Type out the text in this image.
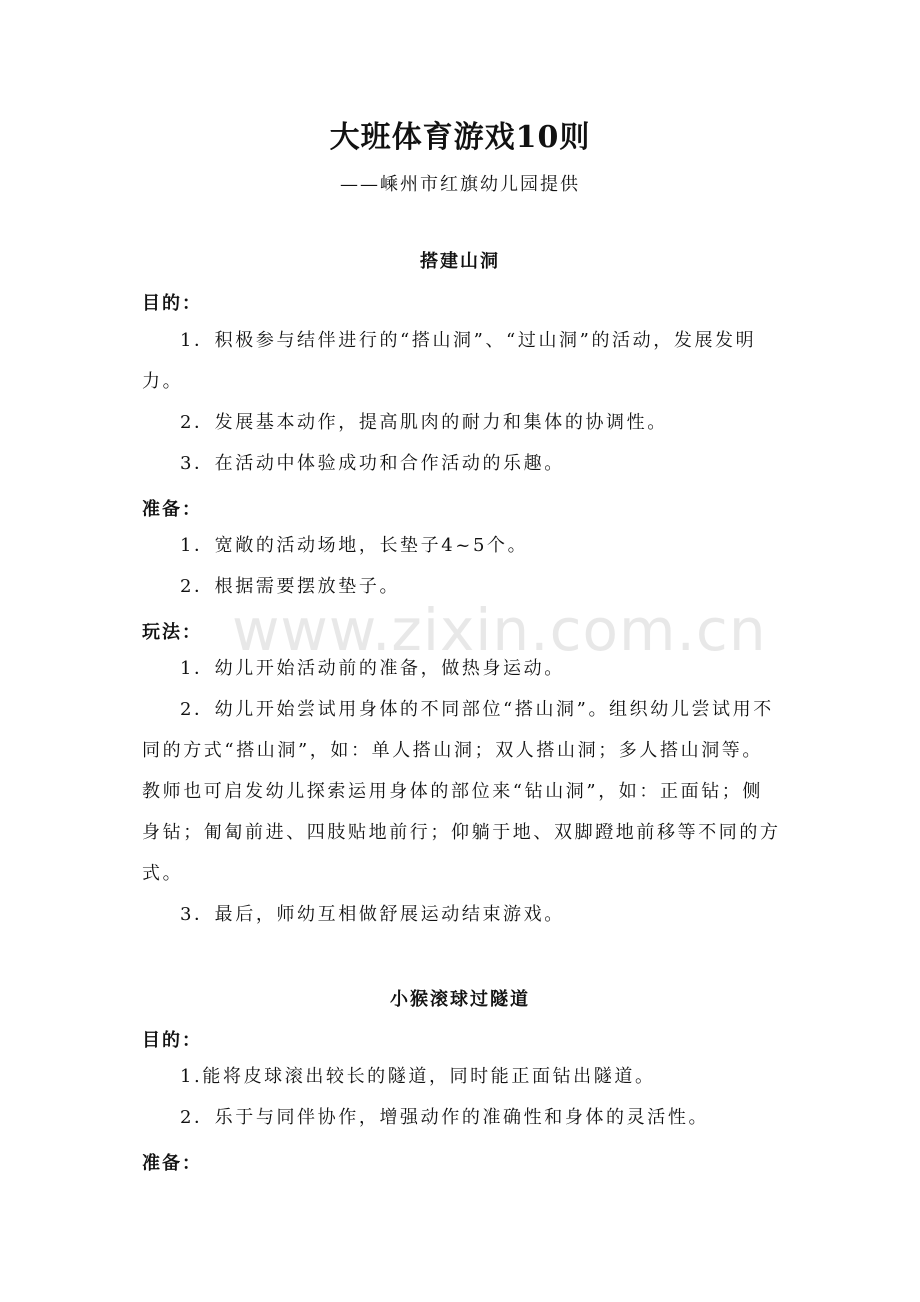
大班体育游戏10则
——嵊州市红旗幼儿园提供
搭建山洞
目的：
1．积极参与结伴进行的“搭山洞”、“过山洞”的活动，发展发明力。
2．发展基本动作，提高肌肉的耐力和集体的协调性。
3．在活动中体验成功和合作活动的乐趣。
准备：
1．宽敞的活动场地，长垫子4~5个。
2．根据需要摆放垫子。
玩法：
1．幼儿开始活动前的准备，做热身运动。
2．幼儿开始尝试用身体的不同部位“搭山洞”。组织幼儿尝试用不同的方式“搭山洞”，如：单人搭山洞；双人搭山洞；多人搭山洞等。教师也可启发幼儿探索运用身体的部位来“钻山洞”，如：正面钻；侧身钻；匍匐前进、四肢贴地前行；仰躺于地、双脚蹬地前移等不同的方式。
3．最后，师幼互相做舒展运动结束游戏。
小猴滚球过隧道
目的：
1.能将皮球滚出较长的隧道，同时能正面钻出隧道。
2．乐于与同伴协作，增强动作的准确性和身体的灵活性。
准备：
www.zixin.com.cn
